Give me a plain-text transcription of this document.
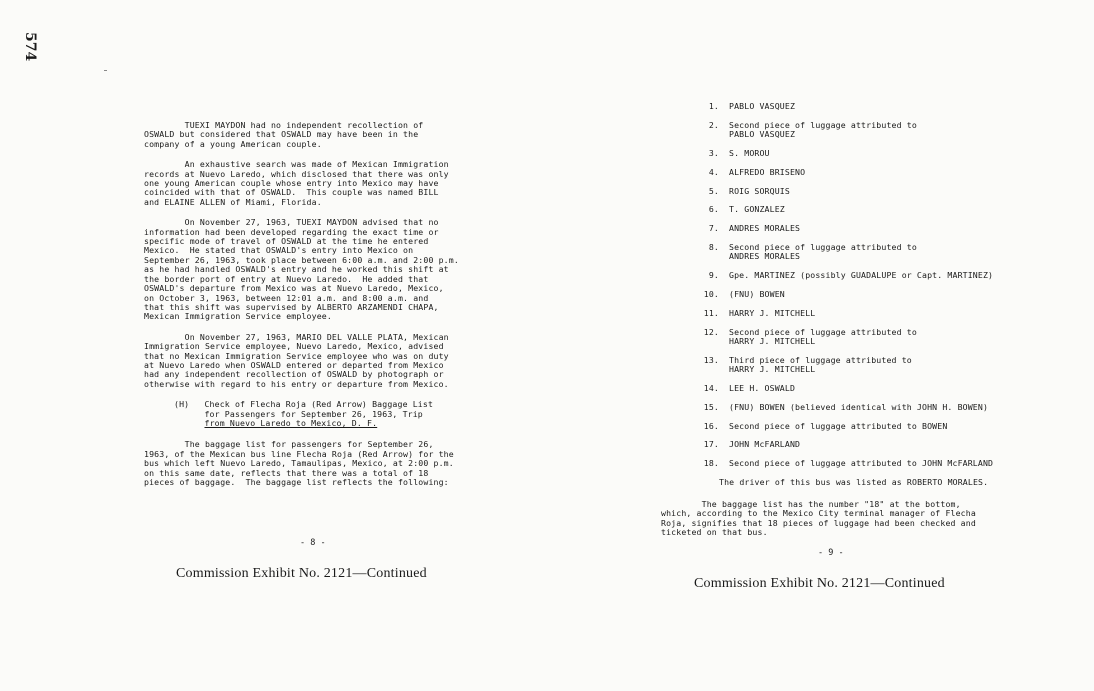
574

TUEXI MAYDON had no independent recollection of
OSWALD but considered that OSWALD may have been in the
company of a young American couple.

An exhaustive search was made of Mexican Immigration
records at Nuevo Laredo, which disclosed that there was only
one young American couple whose entry into Mexico may have
coincided with that of OSWALD.  This couple was named BILL
and ELAINE ALLEN of Miami, Florida.

On November 27, 1963, TUEXI MAYDON advised that no
information had been developed regarding the exact time or
specific mode of travel of OSWALD at the time he entered
Mexico.  He stated that OSWALD's entry into Mexico on
September 26, 1963, took place between 6:00 a.m. and 2:00 p.m.
as he had handled OSWALD's entry and he worked this shift at
the border port of entry at Nuevo Laredo.  He added that
OSWALD's departure from Mexico was at Nuevo Laredo, Mexico,
on October 3, 1963, between 12:01 a.m. and 8:00 a.m. and
that this shift was supervised by ALBERTO ARZAMENDI CHAPA,
Mexican Immigration Service employee.

On November 27, 1963, MARIO DEL VALLE PLATA, Mexican
Immigration Service employee, Nuevo Laredo, Mexico, advised
that no Mexican Immigration Service employee who was on duty
at Nuevo Laredo when OSWALD entered or departed from Mexico
had any independent recollection of OSWALD by photograph or
otherwise with regard to his entry or departure from Mexico.

(H)   Check of Flecha Roja (Red Arrow) Baggage List
for Passengers for September 26, 1963, Trip
from Nuevo Laredo to Mexico, D. F.

The baggage list for passengers for September 26,
1963, of the Mexican bus line Flecha Roja (Red Arrow) for the
bus which left Nuevo Laredo, Tamaulipas, Mexico, at 2:00 p.m.
on this same date, reflects that there was a total of 18
pieces of baggage.  The baggage list reflects the following:

- 8 -
Commission Exhibit No. 2121—Continued
1. PABLO VASQUEZ
2. Second piece of luggage attributed to
PABLO VASQUEZ
3. S. MOROU
4. ALFREDO BRISENO
5. ROIG SORQUIS
6. T. GONZALEZ
7. ANDRES MORALES
8. Second piece of luggage attributed to
ANDRES MORALES
9. Gpe. MARTINEZ (possibly GUADALUPE or Capt. MARTINEZ)
10. (FNU) BOWEN
11. HARRY J. MITCHELL
12. Second piece of luggage attributed to
HARRY J. MITCHELL
13. Third piece of luggage attributed to
HARRY J. MITCHELL
14. LEE H. OSWALD
15. (FNU) BOWEN (believed identical with JOHN H. BOWEN)
16. Second piece of luggage attributed to BOWEN
17. JOHN McFARLAND
18. Second piece of luggage attributed to JOHN McFARLAND
The driver of this bus was listed as ROBERTO MORALES.

The baggage list has the number "18" at the bottom,
which, according to the Mexico City terminal manager of Flecha
Roja, signifies that 18 pieces of luggage had been checked and
ticketed on that bus.

- 9 -
Commission Exhibit No. 2121—Continued
